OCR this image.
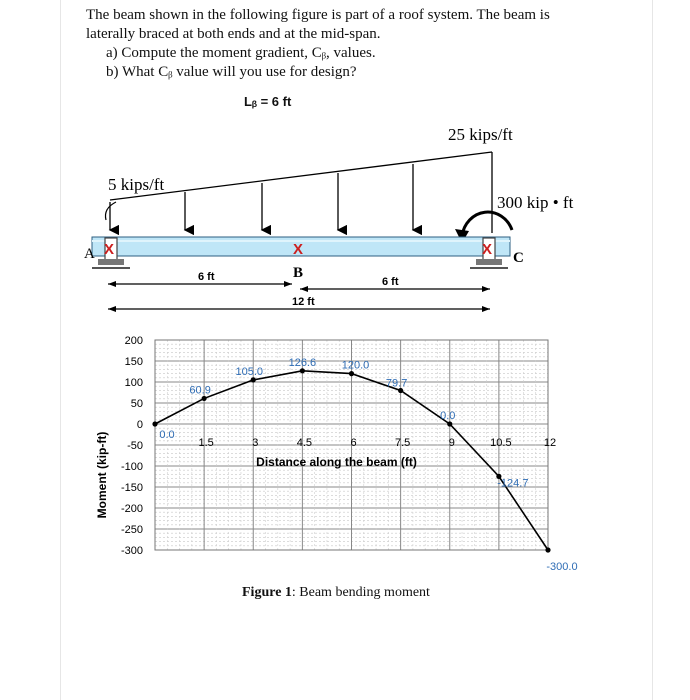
The beam shown in the following figure is part of a roof system. The beam is

laterally braced at both ends and at the mid-span.

a) Compute the moment gradient, Cᵦ, values.
b) What Cᵦ value will you use for design?
Lᵦ = 6 ft
25 kips/ft
5 kips/ft
300 kip • ft
A X	X
B
X C
6 ft	6 ft
12 ft
200
150
100
50
0
-50
-100
-150
-200
-250
-300
1.5	3	4.5	6	7.5	9	10.5	12
0.0
60.9
105.0
126.6 120.0
79.7
0.0
-124.7
-300.0
Distance along the beam (ft)
Moment (kip-ft)
Figure 1: Beam bending moment
